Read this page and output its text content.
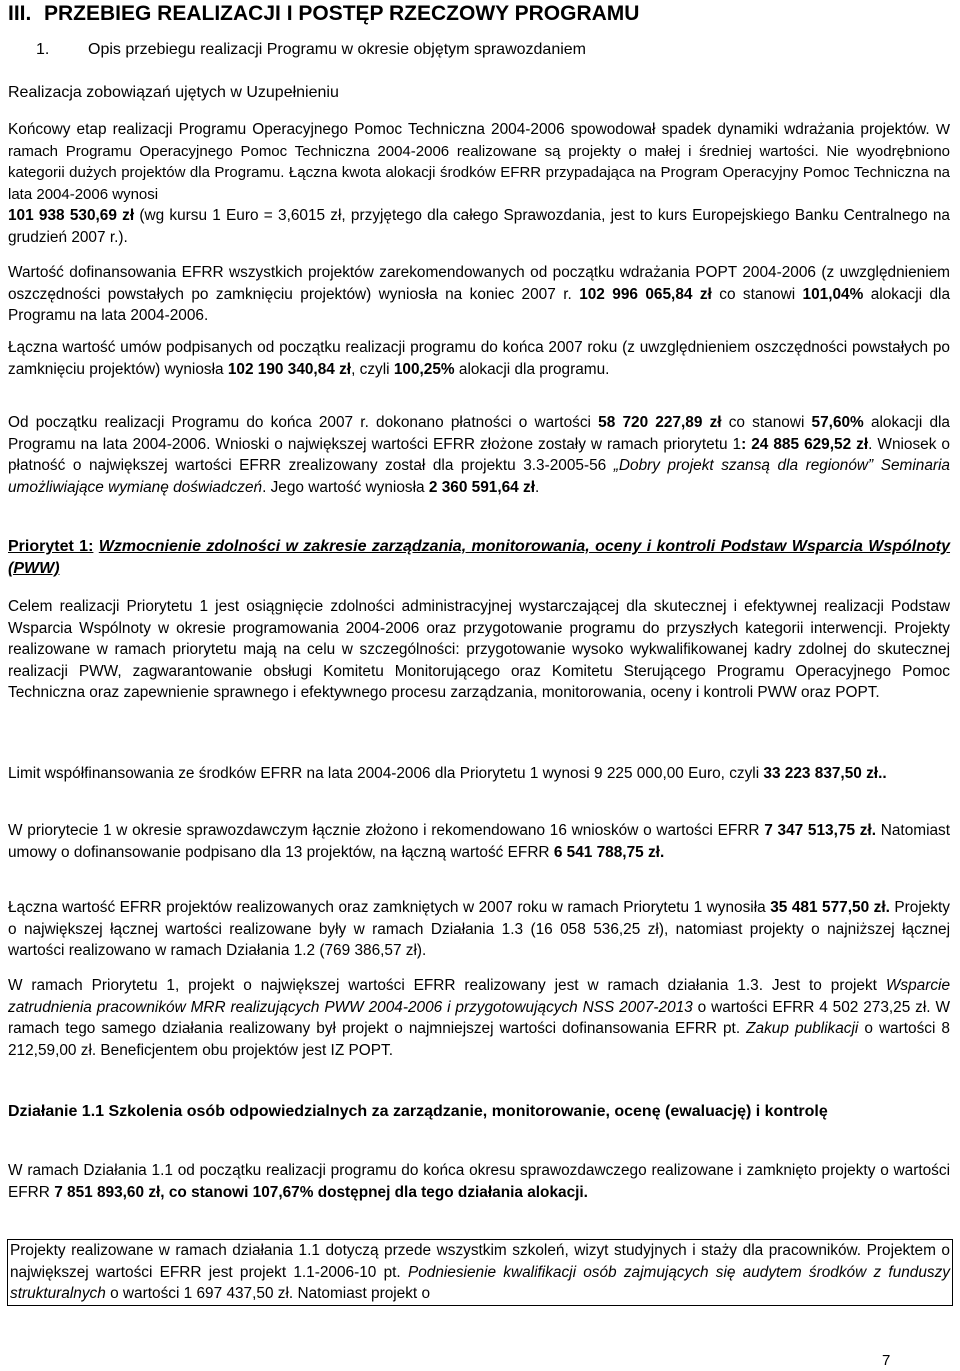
III. PRZEBIEG REALIZACJI I POSTĘP RZECZOWY PROGRAMU
1. Opis przebiegu realizacji Programu w okresie objętym sprawozdaniem
Realizacja zobowiązań ujętych w Uzupełnieniu

Końcowy etap realizacji Programu Operacyjnego Pomoc Techniczna 2004-2006 spowodował spadek dynamiki wdrażania projektów. W ramach Programu Operacyjnego Pomoc Techniczna 2004-2006 realizowane są projekty o małej i średniej wartości. Nie wyodrębniono kategorii dużych projektów dla Programu. Łączna kwota alokacji środków EFRR przypadająca na Program Operacyjny Pomoc Techniczna na lata 2004-2006 wynosi
101 938 530,69 zł (wg kursu 1 Euro = 3,6015 zł, przyjętego dla całego Sprawozdania, jest to kurs Europejskiego Banku Centralnego na grudzień 2007 r.).

Wartość dofinansowania EFRR wszystkich projektów zarekomendowanych od początku wdrażania POPT 2004-2006 (z uwzględnieniem oszczędności powstałych po zamknięciu projektów) wyniosła na koniec 2007 r. 102 996 065,84 zł co stanowi 101,04% alokacji dla Programu na lata 2004-2006.

Łączna wartość umów podpisanych od początku realizacji programu do końca 2007 roku (z uwzględnieniem oszczędności powstałych po zamknięciu projektów) wyniosła 102 190 340,84 zł, czyli 100,25% alokacji dla programu.

Od początku realizacji Programu do końca 2007 r. dokonano płatności o wartości 58 720 227,89 zł co stanowi 57,60% alokacji dla Programu na lata 2004-2006. Wnioski o największej wartości EFRR złożone zostały w ramach priorytetu 1: 24 885 629,52 zł. Wniosek o płatność o największej wartości EFRR zrealizowany został dla projektu 3.3-2005-56 „Dobry projekt szansą dla regionów” Seminaria umożliwiające wymianę doświadczeń. Jego wartość wyniosła 2 360 591,64 zł.

Priorytet 1: Wzmocnienie zdolności w zakresie zarządzania, monitorowania, oceny i kontroli Podstaw Wsparcia Wspólnoty (PWW)

Celem realizacji Priorytetu 1 jest osiągnięcie zdolności administracyjnej wystarczającej dla skutecznej i efektywnej realizacji Podstaw Wsparcia Wspólnoty w okresie programowania 2004-2006 oraz przygotowanie programu do przyszłych kategorii interwencji. Projekty realizowane w ramach priorytetu mają na celu w szczególności: przygotowanie wysoko wykwalifikowanej kadry zdolnej do skutecznej realizacji PWW, zagwarantowanie obsługi Komitetu Monitorującego oraz Komitetu Sterującego Programu Operacyjnego Pomoc Techniczna oraz zapewnienie sprawnego i efektywnego procesu zarządzania, monitorowania, oceny i kontroli PWW oraz POPT.

Limit współfinansowania ze środków EFRR na lata 2004-2006 dla Priorytetu 1 wynosi 9 225 000,00 Euro, czyli 33 223 837,50 zł..

W priorytecie 1 w okresie sprawozdawczym łącznie złożono i rekomendowano 16 wniosków o wartości EFRR 7 347 513,75 zł. Natomiast umowy o dofinansowanie podpisano dla 13 projektów, na łączną wartość EFRR 6 541 788,75 zł.

Łączna wartość EFRR projektów realizowanych oraz zamkniętych w 2007 roku w ramach Priorytetu 1 wynosiła 35 481 577,50 zł. Projekty o największej łącznej wartości realizowane były w ramach Działania 1.3 (16 058 536,25 zł), natomiast projekty o najniższej łącznej wartości realizowano w ramach Działania 1.2 (769 386,57 zł).

W ramach Priorytetu 1, projekt o największej wartości EFRR realizowany jest w ramach działania 1.3. Jest to projekt Wsparcie zatrudnienia pracowników MRR realizujących PWW 2004-2006 i przygotowujących NSS 2007-2013 o wartości EFRR 4 502 273,25 zł. W ramach tego samego działania realizowany był projekt o najmniejszej wartości dofinansowania EFRR pt. Zakup publikacji o wartości 8 212,59,00 zł. Beneficjentem obu projektów jest IZ POPT.

Działanie 1.1 Szkolenia osób odpowiedzialnych za zarządzanie, monitorowanie, ocenę (ewaluację) i kontrolę

W ramach Działania 1.1 od początku realizacji programu do końca okresu sprawozdawczego realizowane i zamknięto projekty o wartości EFRR 7 851 893,60 zł, co stanowi 107,67% dostępnej dla tego działania alokacji.

Projekty realizowane w ramach działania 1.1 dotyczą przede wszystkim szkoleń, wizyt studyjnych i staży dla pracowników. Projektem o największej wartości EFRR jest projekt 1.1-2006-10 pt. Podniesienie kwalifikacji osób zajmujących się audytem środków z funduszy strukturalnych o wartości 1 697 437,50 zł. Natomiast projekt o

7
